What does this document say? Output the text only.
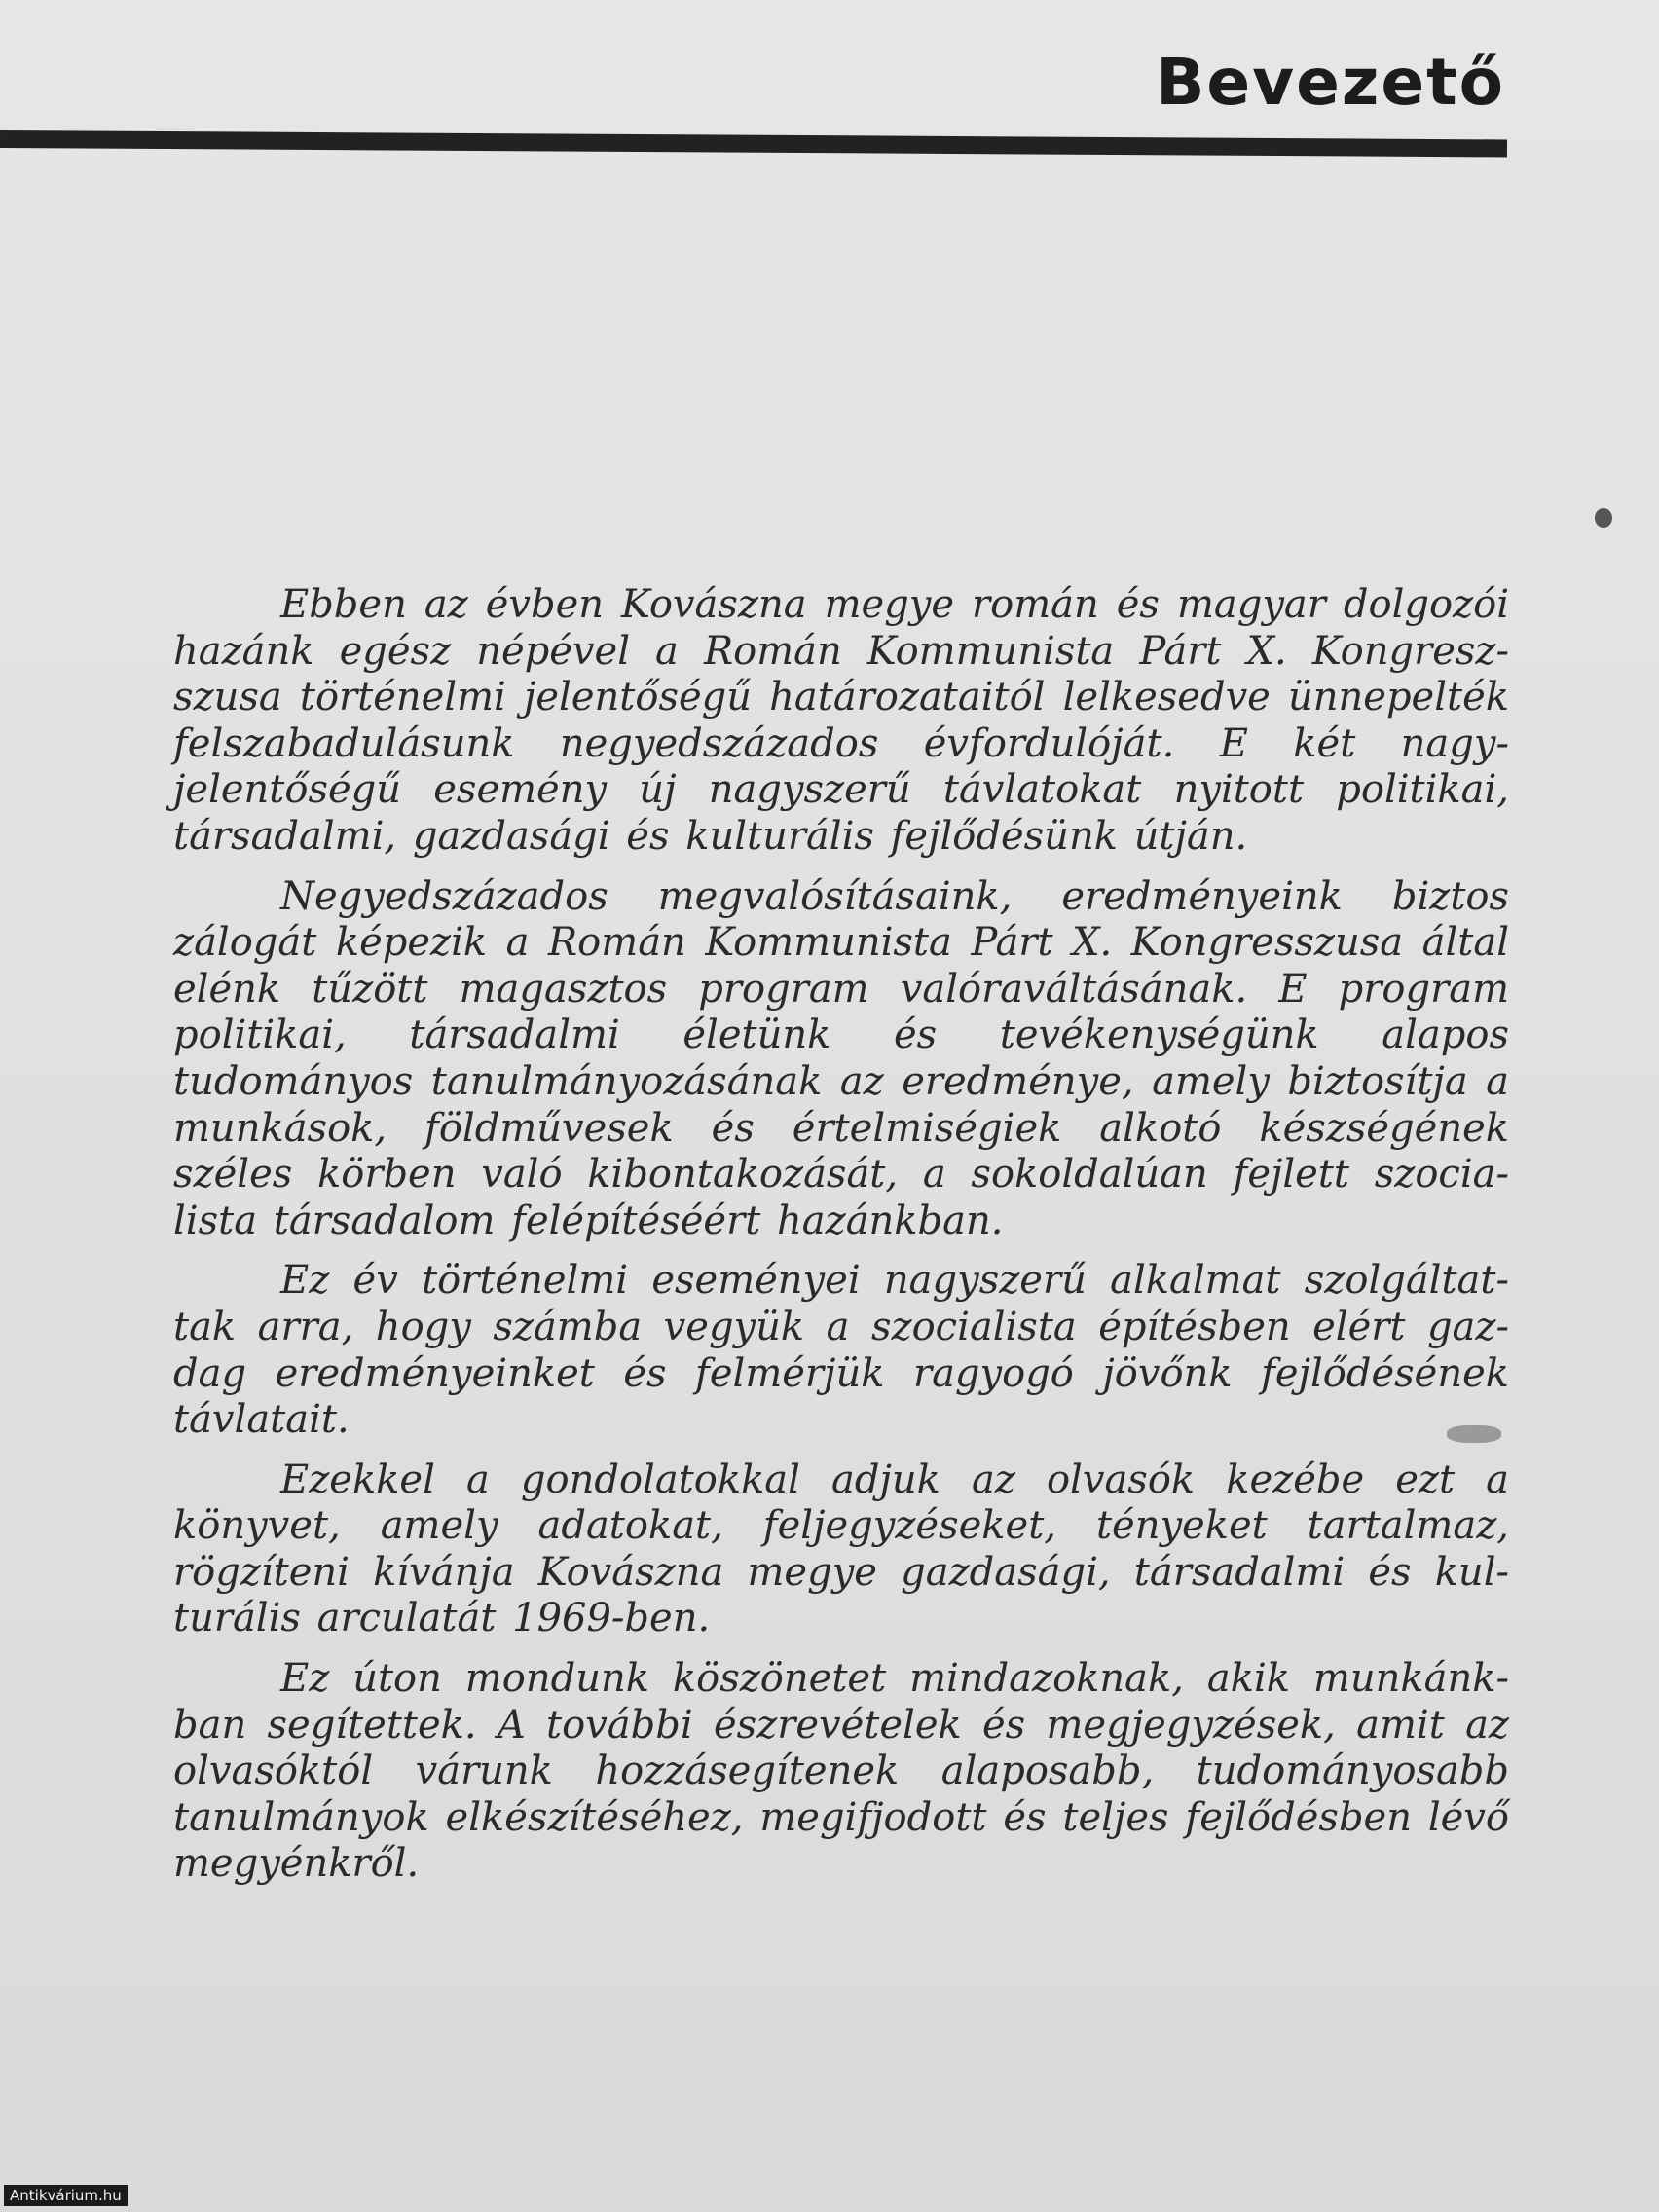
Bevezető

Ebben az évben Kovászna megye román és magyar dolgozói hazánk egész népével a Román Kommunista Párt X. Kongreszszusa történelmi jelentőségű határozataitól lelkesedve ünnepelték felszabadulásunk negyedszázados évfordulóját. E két nagyjelentőségű esemény új nagyszerű távlatokat nyitott politikai, társadalmi, gazdasági és kulturális fejlődésünk útján.

Negyedszázados megvalósításaink, eredményeink biztos zálogát képezik a Román Kommunista Párt X. Kongresszusa által elénk tűzött magasztos program valóraváltásának. E program politikai, társadalmi életünk és tevékenységünk alapos tudományos tanulmányozásának az eredménye, amely biztosítja a munkások, földművesek és értelmiségiek alkotó készségének széles körben való kibontakozását, a sokoldalúan fejlett szocialista társadalom felépítéséért hazánkban.

Ez év történelmi eseményei nagyszerű alkalmat szolgáltattak arra, hogy számba vegyük a szocialista építésben elért gazdag eredményeinket és felmérjük ragyogó jövőnk fejlődésének távlatait.

Ezekkel a gondolatokkal adjuk az olvasók kezébe ezt a könyvet, amely adatokat, feljegyzéseket, tényeket tartalmaz, rögzíteni kívánja Kovászna megye gazdasági, társadalmi és kulturális arculatát 1969-ben.

Ez úton mondunk köszönetet mindazoknak, akik munkánkban segítettek. A további észrevételek és megjegyzések, amit az olvasóktól várunk hozzásegítenek alaposabb, tudományosabb tanulmányok elkészítéséhez, megifjodott és teljes fejlődésben lévő megyénkről.

Antikvárium.hu
